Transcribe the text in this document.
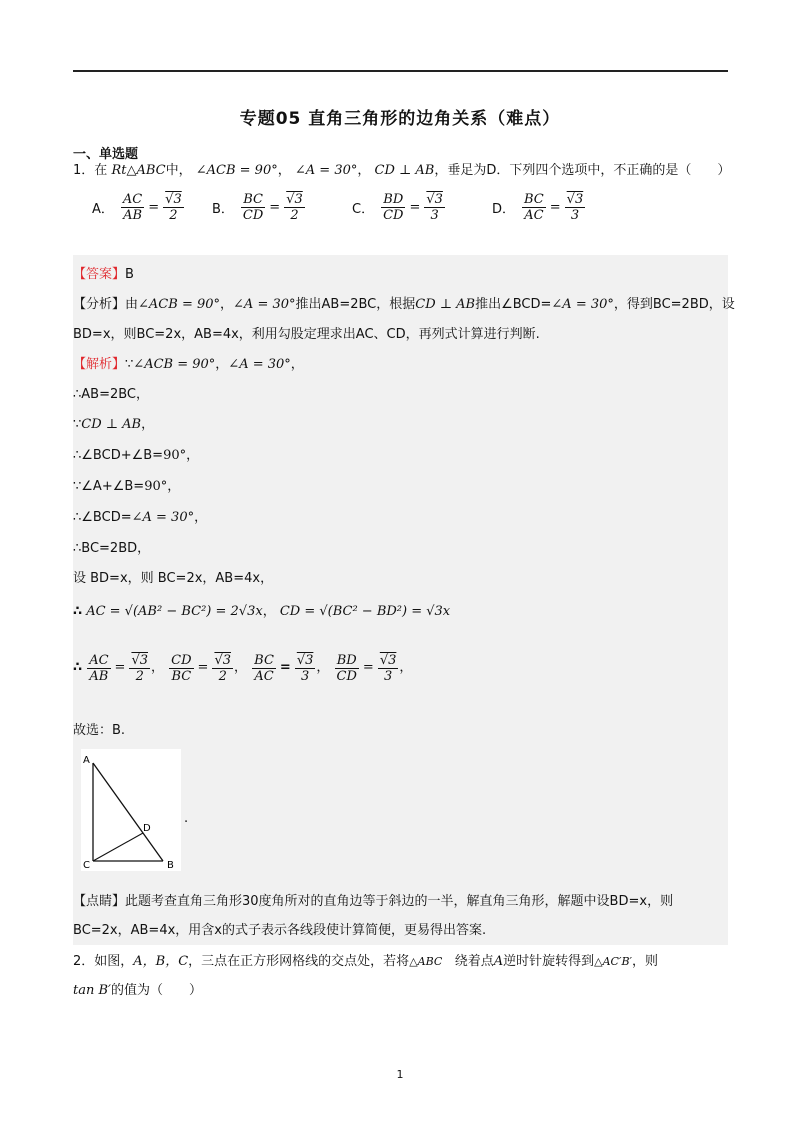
专题05 直角三角形的边角关系（难点）
一、单选题
1．在 Rt△ABC中， ∠ACB = 90°， ∠A = 30°， CD ⊥ AB，垂足为D．下列四个选项中，不正确的是（　　）
A． $\frac{AC}{AB} = \frac{√3}{2}$ B． $\frac{BC}{CD} = \frac{√3}{2}$	C． $\frac{BD}{CD} = \frac{√3}{3}$	D． $\frac{BC}{AC} = \frac{√3}{3}$
【答案】B
【分析】由∠ACB = 90°，∠A = 30°推出AB=2BC，根据CD ⊥ AB推出∠BCD=∠A = 30°，得到BC=2BD，设
BD=x，则BC=2x，AB=4x，利用勾股定理求出AC、CD，再列式计算进行判断.
【解析】∵∠ACB = 90°，∠A = 30°，
∴AB=2BC，
∵CD ⊥ AB，
∴∠BCD+∠B=90°，
∵∠A+∠B=90°，
∴∠BCD=∠A = 30°，
∴BC=2BD，
设 BD=x，则 BC=2x，AB=4x，
∴ AC = √(AB² − BC²) = 2√3x， CD = √(BC² − BD²) = √3x
∴ $\frac{AC}{AB} = \frac{√3}{2}$ ， $\frac{CD}{BC} = \frac{√3}{2}$ ， $\frac{BC}{AC} = \frac{√3}{3}$ ， $\frac{BD}{CD} = \frac{√3}{3}$ ，
故选：B.
A
C	B
D
.
【点睛】此题考查直角三角形30度角所对的直角边等于斜边的一半，解直角三角形，解题中设BD=x，则
BC=2x，AB=4x，用含x的式子表示各线段使计算简便，更易得出答案.
2．如图，A，B，C，三点在正方形网格线的交点处，若将△ABC 绕着点A逆时针旋转得到△AC′B′，则
tan B′的值为（　　）
1
